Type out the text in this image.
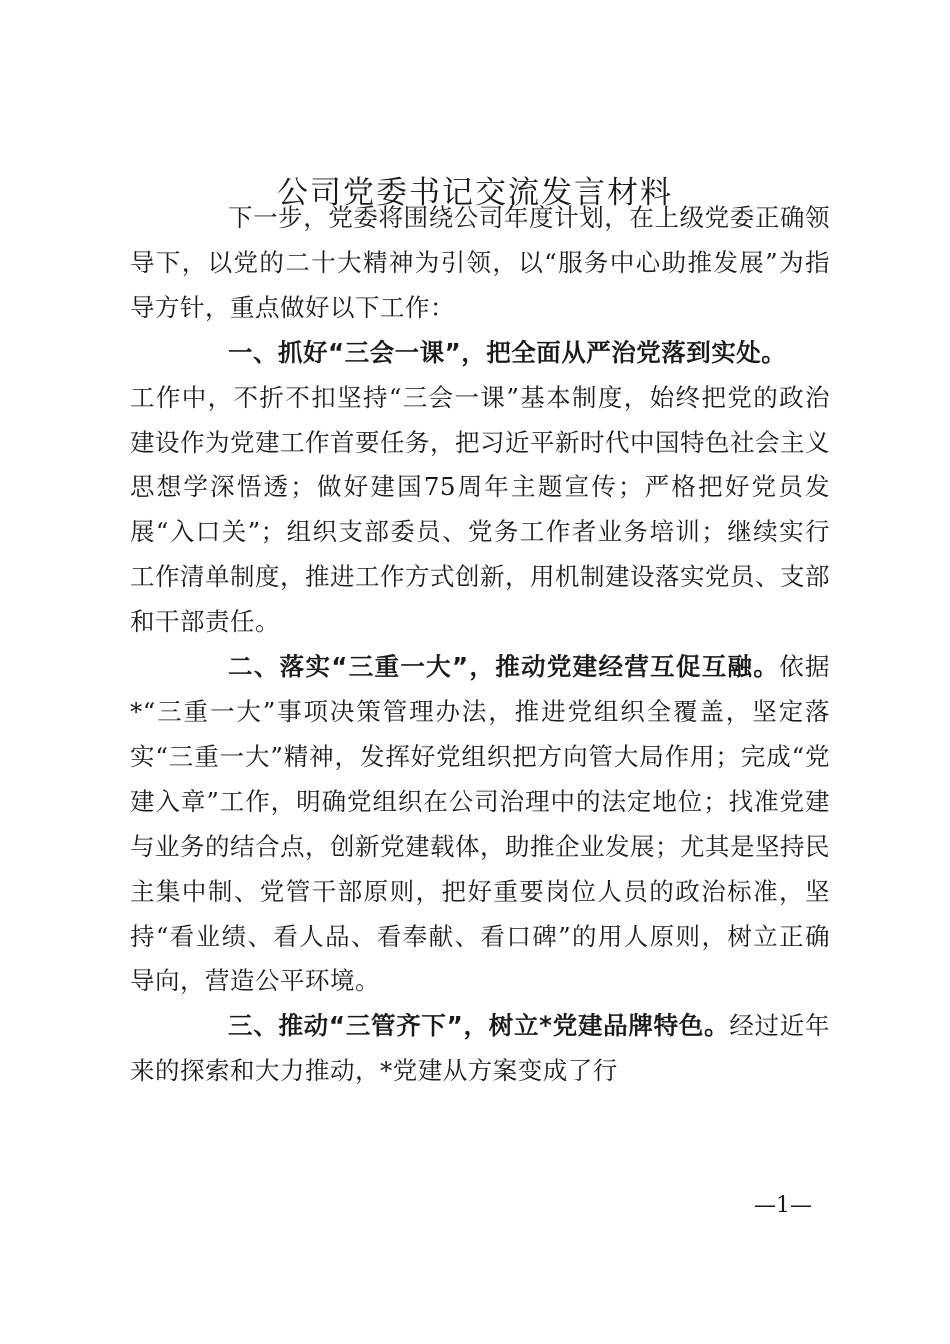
公司党委书记交流发言材料

下一步，党委将围绕公司年度计划，在上级党委正确领导下，以党的二十大精神为引领，以“服务中心助推发展”为指导方针，重点做好以下工作：

一、抓好“三会一课”，把全面从严治党落到实处。

工作中，不折不扣坚持“三会一课”基本制度，始终把党的政治建设作为党建工作首要任务，把习近平新时代中国特色社会主义思想学深悟透；做好建国75周年主题宣传；严格把好党员发展“入口关”；组织支部委员、党务工作者业务培训；继续实行工作清单制度，推进工作方式创新，用机制建设落实党员、支部和干部责任。

二、落实“三重一大”，推动党建经营互促互融。依据*“三重一大”事项决策管理办法，推进党组织全覆盖，坚定落实“三重一大”精神，发挥好党组织把方向管大局作用；完成“党建入章”工作，明确党组织在公司治理中的法定地位；找准党建与业务的结合点，创新党建载体，助推企业发展；尤其是坚持民主集中制、党管干部原则，把好重要岗位人员的政治标准，坚持“看业绩、看人品、看奉献、看口碑”的用人原则，树立正确导向，营造公平环境。

三、推动“三管齐下”，树立*党建品牌特色。经过近年来的探索和大力推动，*党建从方案变成了行

—1—
